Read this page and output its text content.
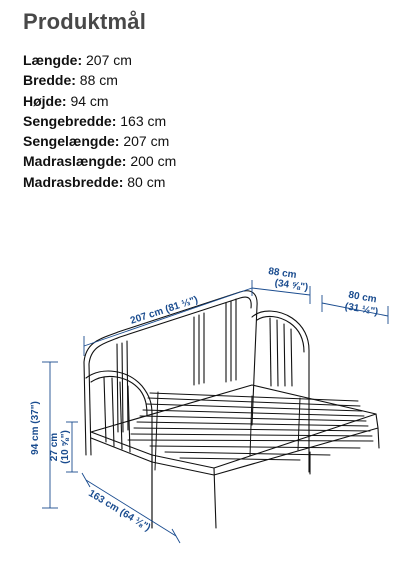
Produktmål
Længde: 207 cm
Bredde: 88 cm
Højde: 94 cm
Sengebredde: 163 cm
Sengelængde: 207 cm
Madraslængde: 200 cm
Madrasbredde: 80 cm
207 cm (81 ⅓")
88 cm
(34 ⅝")
80 cm
(31 ½")
94 cm (37") 27 cm (10 ⅝")
163 cm (64 ⅛")
